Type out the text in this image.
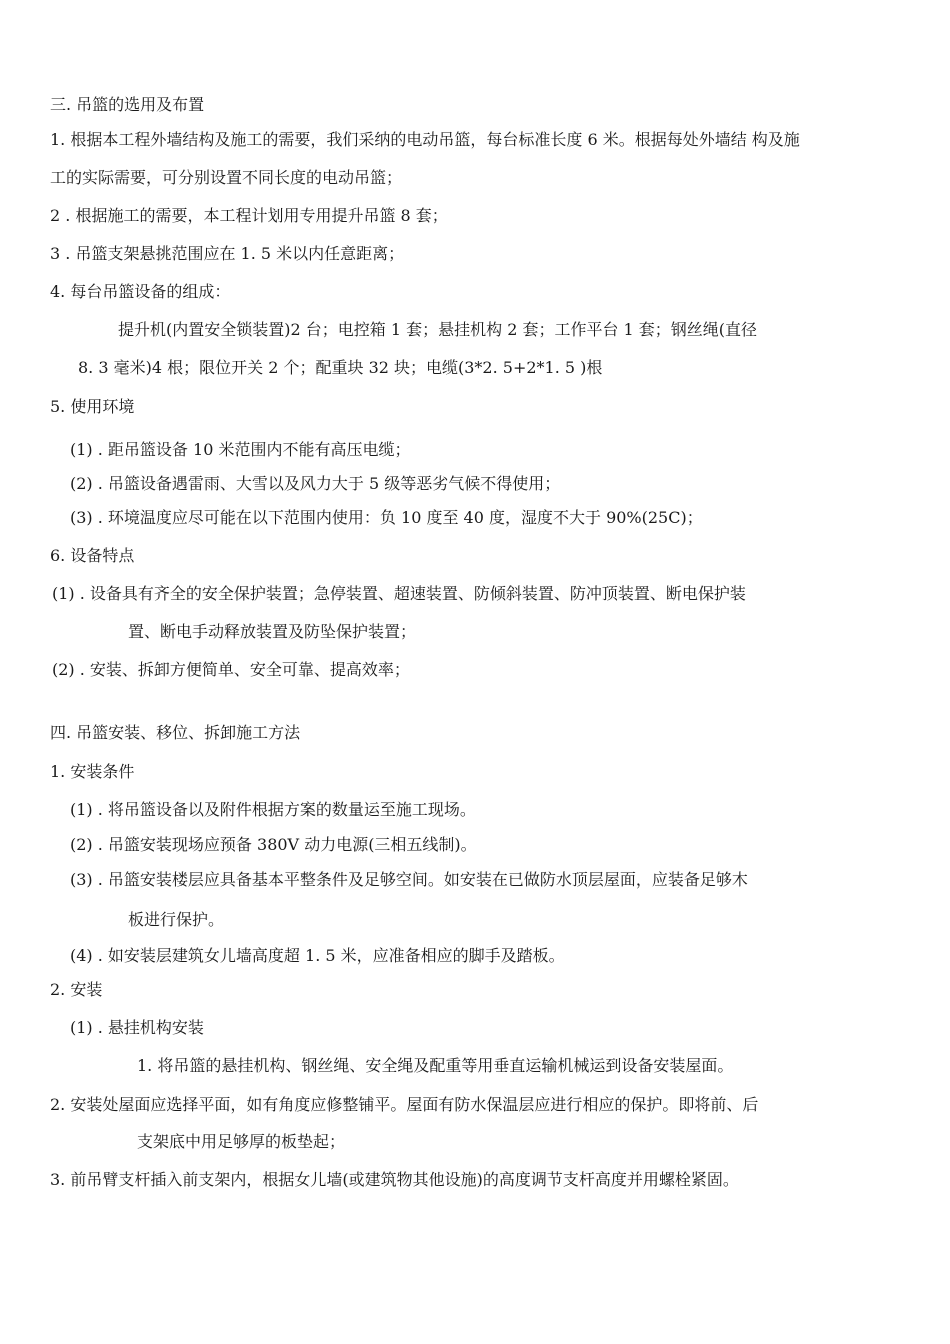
三. 吊篮的选用及布置
1. 根据本工程外墙结构及施工的需要，我们采纳的电动吊篮，每台标准长度 6 米。根据每处外墙结 构及施
工的实际需要，可分别设置不同长度的电动吊篮；
2 . 根据施工的需要，本工程计划用专用提升吊篮 8 套；
3 . 吊篮支架悬挑范围应在 1. 5 米以内任意距离；
4. 每台吊篮设备的组成：
提升机(内置安全锁装置)2 台；电控箱 1 套；悬挂机构 2 套；工作平台 1 套；钢丝绳(直径
8. 3 毫米)4 根；限位开关 2 个；配重块 32 块；电缆(3*2. 5+2*1. 5 )根
5. 使用环境
(1) . 距吊篮设备 10 米范围内不能有高压电缆；
(2) . 吊篮设备遇雷雨、大雪以及风力大于 5 级等恶劣气候不得使用；
(3) . 环境温度应尽可能在以下范围内使用：负 10 度至 40 度，湿度不大于 90%(25C)；
6. 设备特点
(1) . 设备具有齐全的安全保护装置；急停装置、超速装置、防倾斜装置、防冲顶装置、断电保护装
置、断电手动释放装置及防坠保护装置；
(2) . 安装、拆卸方便简单、安全可靠、提高效率；
四. 吊篮安装、移位、拆卸施工方法
1. 安装条件
(1) . 将吊篮设备以及附件根据方案的数量运至施工现场。
(2) . 吊篮安装现场应预备 380V 动力电源(三相五线制)。
(3) . 吊篮安装楼层应具备基本平整条件及足够空间。如安装在已做防水顶层屋面，应装备足够木
板进行保护。
(4) . 如安装层建筑女儿墙高度超 1. 5 米，应准备相应的脚手及踏板。
2. 安装
(1) . 悬挂机构安装
1. 将吊篮的悬挂机构、钢丝绳、安全绳及配重等用垂直运输机械运到设备安装屋面。
2. 安装处屋面应选择平面，如有角度应修整铺平。屋面有防水保温层应进行相应的保护。即将前、后
支架底中用足够厚的板垫起；
3. 前吊臂支杆插入前支架内，根据女儿墙(或建筑物其他设施)的高度调节支杆高度并用螺栓紧固。
